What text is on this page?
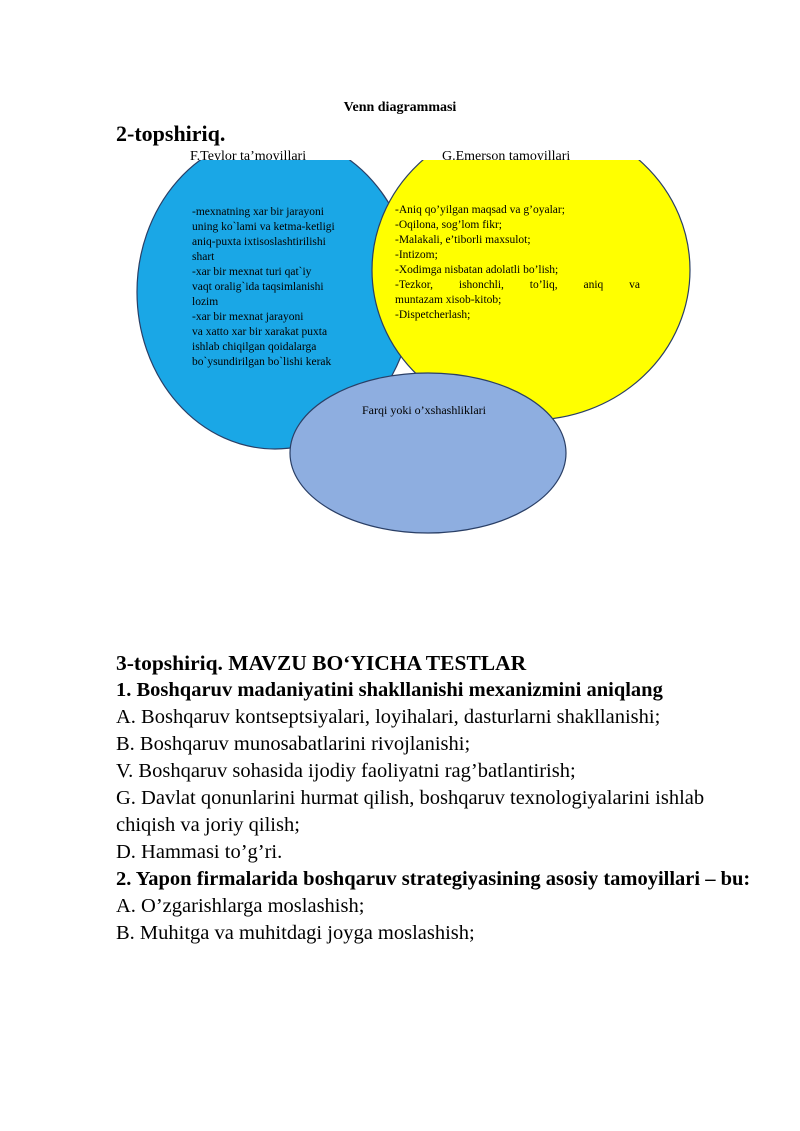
Venn diagrammasi
2-topshiriq.
F.Teylor ta’moyillari	G.Emerson tamoyillari
-mexnatning xar bir jarayoni
uning ko`lami va ketma-ketligi
aniq-puxta ixtisoslashtirilishi
shart
-xar bir mexnat turi qat`iy
vaqt oralig`ida taqsimlanishi
lozim
-xar bir mexnat jarayoni
va xatto xar bir xarakat puxta
ishlab chiqilgan qoidalarga
bo`ysundirilgan bo`lishi kerak
-Aniq qo’yilgan maqsad va g’oyalar;
-Oqilona, sog’lom fikr;
-Malakali, e’tiborli maxsulot;
-Intizom;
-Xodimga nisbatan adolatli bo’lish;
-Tezkor, ishonchli, to’liq, aniq va
muntazam xisob-kitob;
-Dispetcherlash;
Farqi yoki o’xshashliklari
3-topshiriq. MAVZU BO‘YICHA TESTLAR
1. Boshqaruv madaniyatini shakllanishi mexanizmini aniqlang
A. Boshqaruv kontseptsiyalari, loyihalari, dasturlarni shakllanishi;
B. Boshqaruv munosabatlarini rivojlanishi;
V. Boshqaruv sohasida ijodiy faoliyatni rag’batlantirish;
G. Davlat qonunlarini hurmat qilish, boshqaruv texnologiyalarini ishlab chiqish va joriy qilish;
D. Hammasi to’g’ri.
2. Yapon firmalarida boshqaruv strategiyasining asosiy tamoyillari – bu:
A. O’zgarishlarga moslashish;
B. Muhitga va muhitdagi joyga moslashish;
